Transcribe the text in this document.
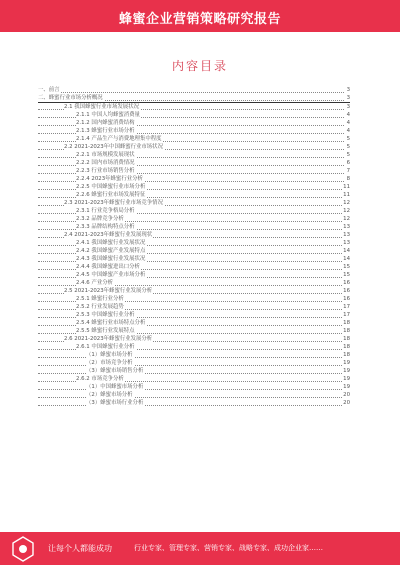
蜂蜜企业营销策略研究报告
内容目录
一、前言	3
二、蜂蜜行业市场分析概况	3
2.1 我国蜂蜜行业市场发展状况	3
2.1.1 中国人均蜂蜜消费量	4
2.1.2 国内蜂蜜消费结构	4
2.1.3 蜂蜜行业市场分析	4
2.1.4 产品生产与消费地理集中程度	5
2.2 2021-2023年中国蜂蜜行业市场状况	5
2.2.1 市场规模发展现状	5
2.2.2 国内市场消费情况	6
2.2.3 行业市场销售分析	7
2.2.4 2023年蜂蜜行业分析	8
2.2.5 中国蜂蜜行业市场分析	11
2.2.6 蜂蜜行业市场发展特征	11
2.3 2021-2023年蜂蜜行业市场竞争情况	12
2.3.1 行业竞争格局分析	12
2.3.2 品牌竞争分析	12
2.3.3 品牌结构特点分析	13
2.4 2021-2023年蜂蜜行业发展现状	13
2.4.1 我国蜂蜜行业发展状况	13
2.4.2 我国蜂蜜产业发展特点	14
2.4.3 我国蜂蜜行业发展状况	14
2.4.4 我国蜂蜜进出口分析	15
2.4.5 中国蜂蜜产业市场分析	15
2.4.6 产业分析	16
2.5 2021-2023年蜂蜜行业发展分析	16
2.5.1 蜂蜜行业分析	16
2.5.2 行业发展趋势	17
2.5.3 中国蜂蜜行业分析	17
2.5.4 蜂蜜行业市场特点分析	18
2.5.5 蜂蜜行业发展特点	18
2.6 2021-2023年蜂蜜行业发展分析	18
2.6.1 中国蜂蜜行业分析	18
（1）蜂蜜市场分析	18
（2）市场竞争分析	19
（3）蜂蜜市场销售分析	19
2.6.2 市场竞争分析	19
（1）中国蜂蜜市场分析	19
（2）蜂蜜市场分析	20
（3）蜂蜜市场行业分析	20
让每个人都能成功	行业专家、管理专家、营销专家、战略专家、成功企业家……
